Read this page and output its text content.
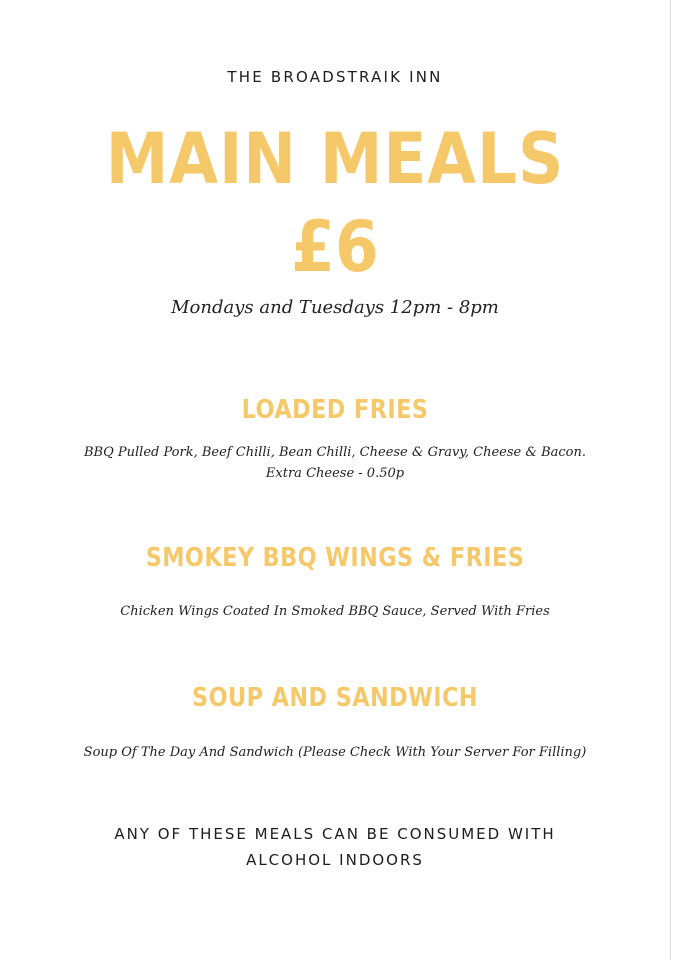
THE BROADSTRAIK INN

MAIN MEALS
£6

Mondays and Tuesdays 12pm - 8pm

LOADED FRIES

BBQ Pulled Pork, Beef Chilli, Bean Chilli, Cheese & Gravy, Cheese & Bacon.

Extra Cheese - 0.50p

SMOKEY BBQ WINGS & FRIES

Chicken Wings Coated In Smoked BBQ Sauce, Served With Fries

SOUP AND SANDWICH

Soup Of The Day And Sandwich (Please Check With Your Server For Filling)

ANY OF THESE MEALS CAN BE CONSUMED WITH
ALCOHOL INDOORS
